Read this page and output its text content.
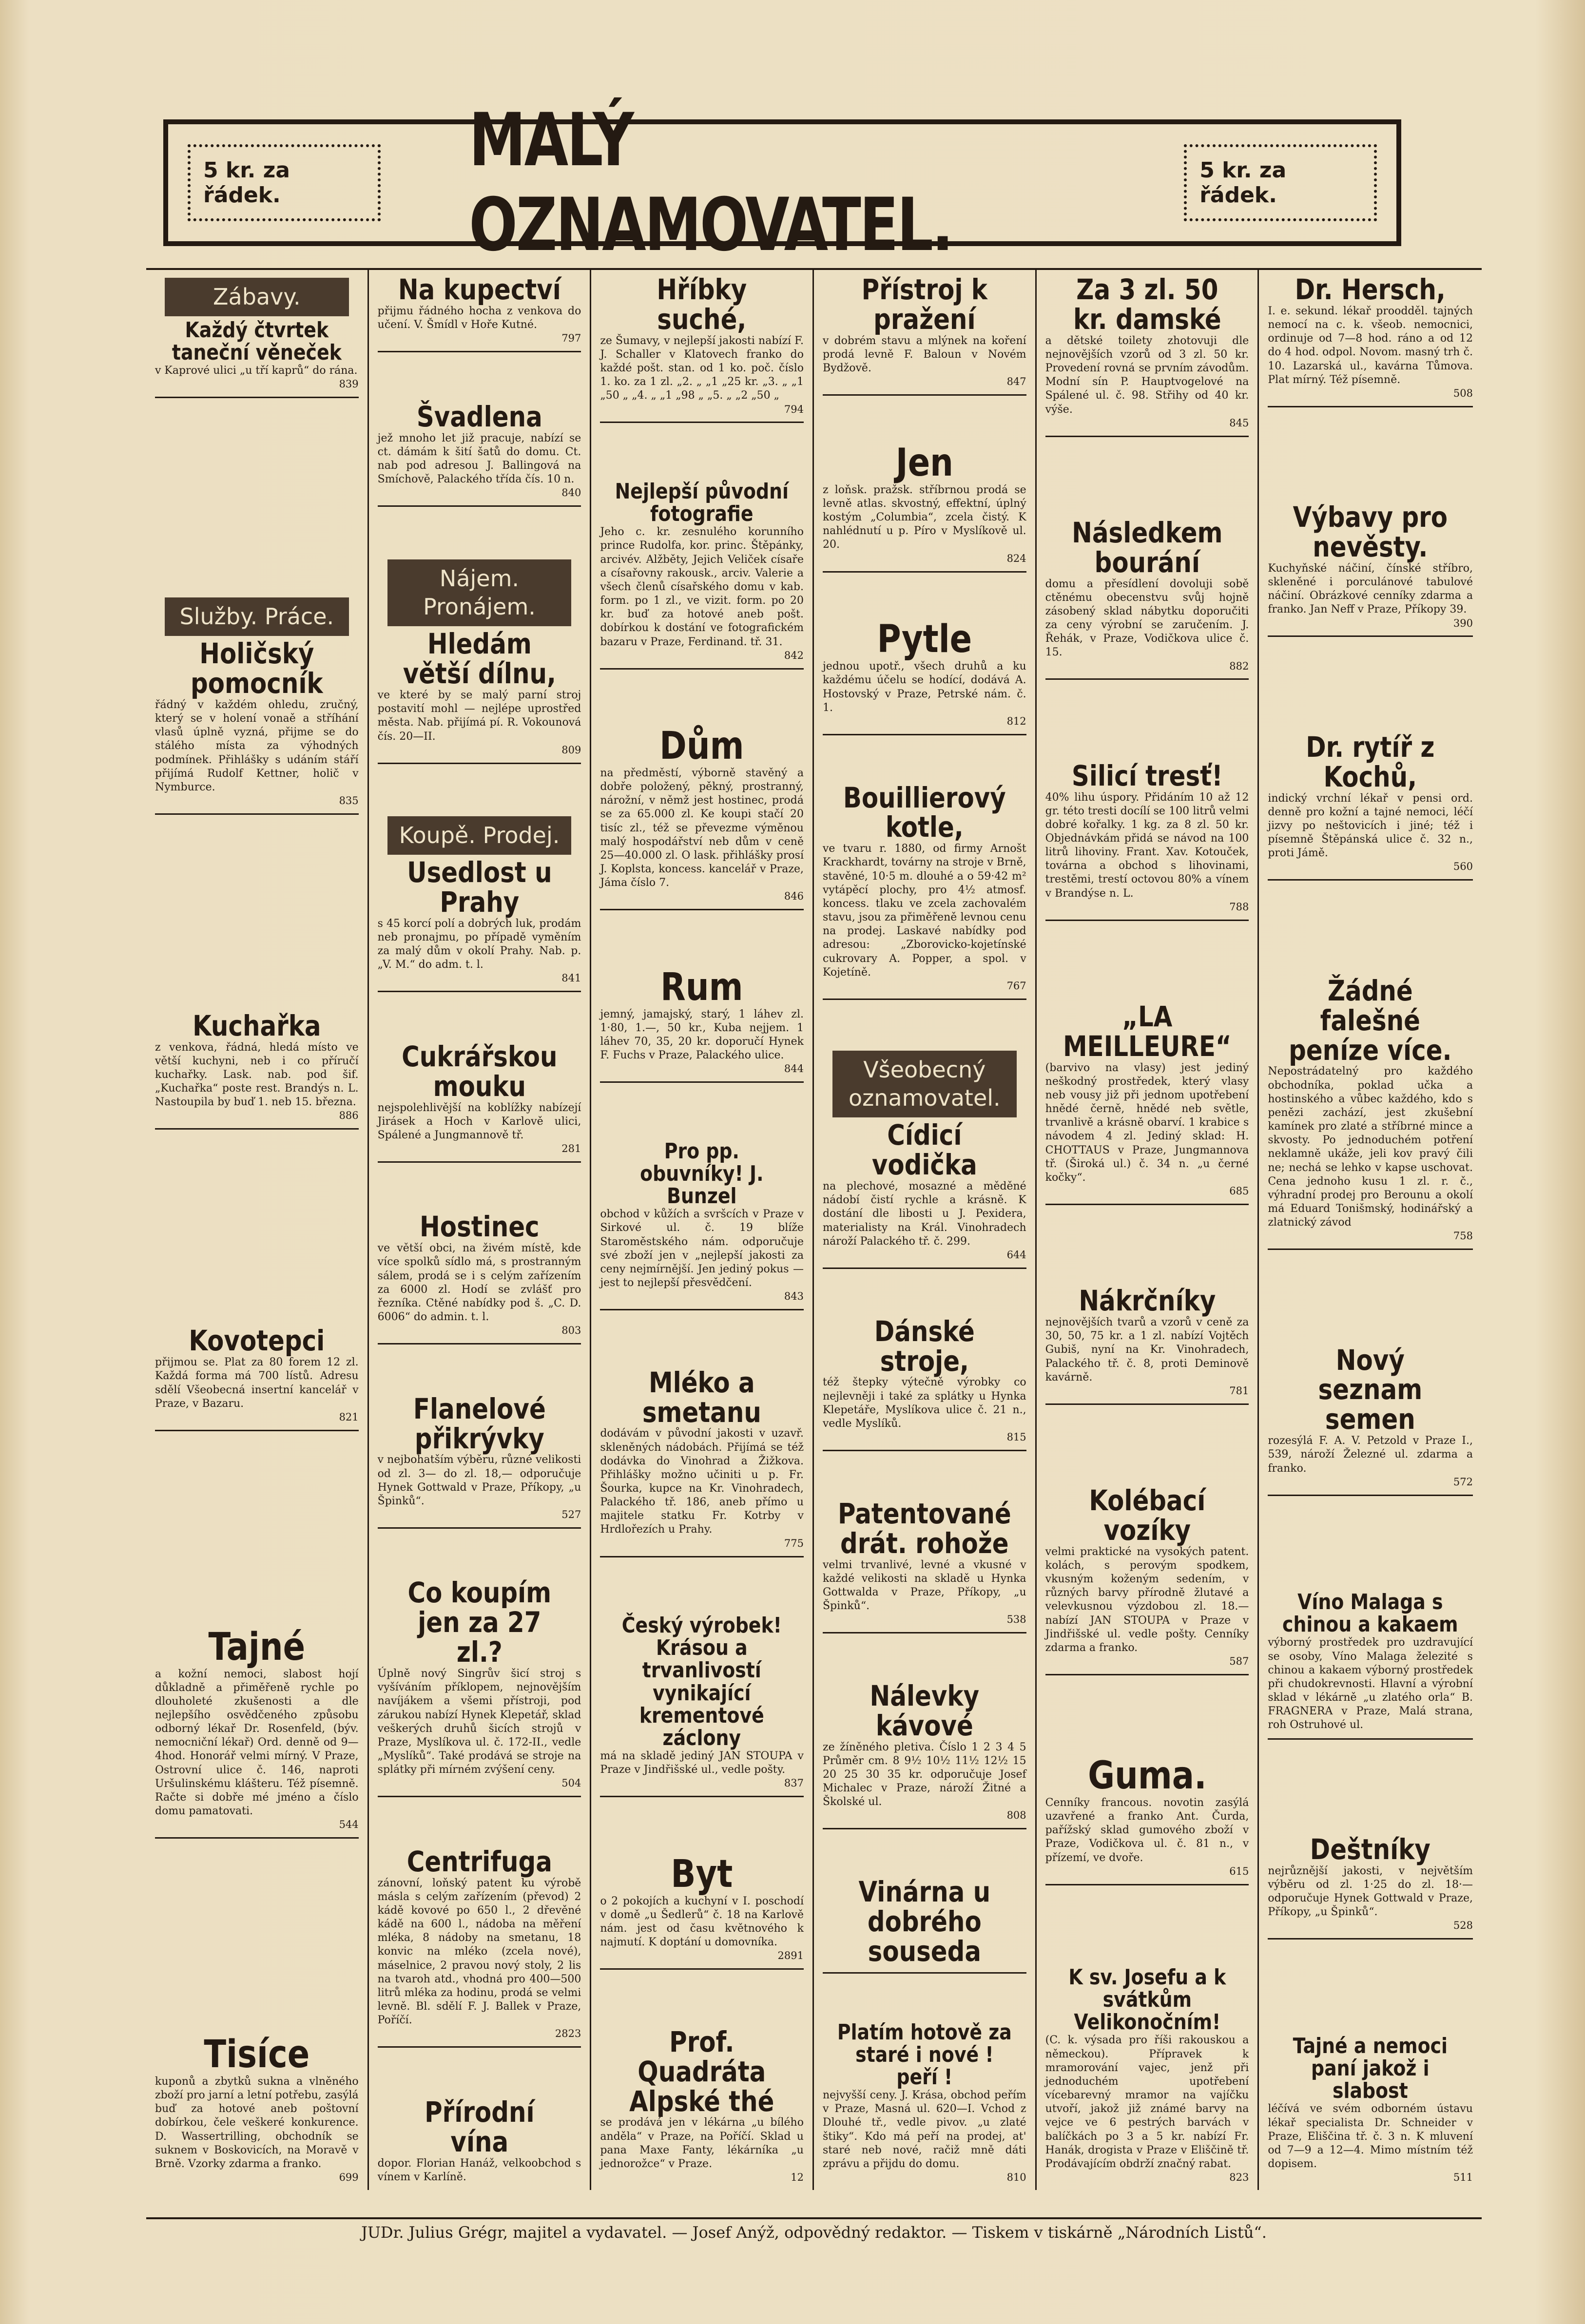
5 kr. za řádek.
MALÝ OZNAMOVATEL.
5 kr. za řádek.
Zábavy.
Každý čtvrtek taneční věneček
v Kaprové ulici „u tří kaprů“ do rána.
839
Služby. Práce.
Holičský pomocník
řádný v každém ohledu, zručný, který se v holení vonaě a stříhání vlasů úplně vyzná, přijme se do stálého místa za výhodných podmínek. Přihlášky s udáním stáří přijímá Rudolf Kettner, holič v Nymburce.
835
Kuchařka
z venkova, řádná, hledá místo ve větší kuchyni, neb i co příručí kuchařky. Lask. nab. pod šif. „Kuchařka“ poste rest. Brandýs n. L. Nastoupila by buď 1. neb 15. března.
886
Kovotepci
přijmou se. Plat za 80 forem 12 zl. Každá forma má 700 lístů. Adresu sdělí Všeobecná insertní kancelář v Praze, v Bazaru.
821
Tajné
a kožní nemoci, slabost hojí důkladně a přiměřeně rychle po dlouholeté zkušenosti a dle nejlepšího osvědčeného způsobu odborný lékař Dr. Rosenfeld, (býv. nemocniční lékař) Ord. denně od 9—4hod. Honorář velmi mírný. V Praze, Ostrovní ulice č. 146, naproti Uršulinskému klášteru. Též písemně. Račte si dobře mé jméno a číslo domu pamatovati.
544
Tisíce
kuponů a zbytků sukna a vlněného zboží pro jarní a letní potřebu, zasýlá buď za hotové aneb poštovní dobírkou, čele veškeré konkurence. D. Wassertrilling, obchodník se suknem v Boskovicích, na Moravě v Brně. Vzorky zdarma a franko.
699
Na kupectví
přijmu řádného hocha z venkova do učení. V. Šmídl v Hoře Kutné.
797
Švadlena
jež mnoho let již pracuje, nabízí se ct. dámám k šití šatů do domu. Ct. nab pod adresou J. Ballingová na Smíchově, Palackého třída čís. 10 n.
840
Nájem. Pronájem.
Hledám větší dílnu,
ve které by se malý parní stroj postavití mohl — nejlépe uprostřed města. Nab. přijímá pí. R. Vokounová čís. 20—II.
809
Koupě. Prodej.
Usedlost u Prahy
s 45 korcí polí a dobrých luk, prodám neb pronajmu, po případě vyměním za malý dům v okolí Prahy. Nab. p. „V. M.“ do adm. t. l.
841
Cukrářskou mouku
nejspolehlivější na koblížky nabízejí Jirásek a Hoch v Karlově ulici, Spálené a Jungmannově tř.
281
Hostinec
ve větší obci, na živém místě, kde více spolků sídlo má, s prostranným sálem, prodá se i s celým zařízením za 6000 zl. Hodí se zvlášť pro řezníka. Ctěné nabídky pod š. „C. D. 6006“ do admin. t. l.
803
Flanelové přikrývky
v nejbohatším výběru, různé velikosti od zl. 3— do zl. 18,— odporučuje Hynek Gottwald v Praze, Příkopy, „u Špinků“.
527
Co koupím jen za 27 zl.?
Úplně nový Singrův šicí stroj s vyšíváním příklopem, nejnovějším navíjákem a všemi přístroji, pod zárukou nabízí Hynek Klepetář, sklad veškerých druhů šicích strojů v Praze, Myslíkova ul. č. 172-II., vedle „Myslíků“. Také prodává se stroje na splátky při mírném zvýšení ceny.
504
Centrifuga
zánovní, loňský patent ku výrobě másla s celým zařízením (převod) 2 kádě kovové po 650 l., 2 dřevěné kádě na 600 l., nádoba na měření mléka, 8 nádoby na smetanu, 18 konvic na mléko (zcela nové), máselnice, 2 pravou nový stoly, 2 lis na tvaroh atd., vhodná pro 400—500 litrů mléka za hodinu, prodá se velmi levně. Bl. sdělí F. J. Ballek v Praze, Poříčí.
2823
Přírodní vína
dopor. Florian Hanáž, velkoobchod s vínem v Karlíně.
Hříbky suché,
ze Šumavy, v nejlepší jakosti nabízí F. J. Schaller v Klatovech franko do každé pošt. stan. od 1 ko. poč. číslo 1. ko. za 1 zl. „2. „ „1 „25 kr. „3. „ „1 „50 „ „4. „ „1 „98 „ „5. „ „2 „50 „
794
Nejlepší původní fotografie
Jeho c. kr. zesnulého korunního prince Rudolfa, kor. princ. Štěpánky, arcivév. Alžběty, Jejich Veliček císaře a císařovny rakousk., arciv. Valerie a všech členů císařského domu v kab. form. po 1 zl., ve vizit. form. po 20 kr. buď za hotové aneb pošt. dobírkou k dostání ve fotografickém bazaru v Praze, Ferdinand. tř. 31.
842
Dům
na předměstí, výborně stavěný a dobře položený, pěkný, prostranný, nárožní, v němž jest hostinec, prodá se za 65.000 zl. Ke koupi stačí 20 tisíc zl., též se převezme výměnou malý hospodářství neb dům v ceně 25—40.000 zl. O lask. přihlášky prosí J. Koplsta, koncess. kancelář v Praze, Jáma číslo 7.
846
Rum
jemný, jamajský, starý, 1 láhev zl. 1·80, 1.—, 50 kr., Kuba nejjem. 1 láhev 70, 35, 20 kr. doporučí Hynek F. Fuchs v Praze, Palackého ulice.
844
Pro pp. obuvníky! J. Bunzel
obchod v kůžích a svršcích v Praze v Sirkové ul. č. 19 blíže Staroměstského nám. odporučuje své zboží jen v „nejlepší jakosti za ceny nejmírnější. Jen jediný pokus — jest to nejlepší přesvědčení.
843
Mléko a smetanu
dodávám v původní jakosti v uzavř. skleněných nádobách. Přijímá se též dodávka do Vinohrad a Žižkova. Přihlášky možno učiniti u p. Fr. Šourka, kupce na Kr. Vinohradech, Palackého tř. 186, aneb přímo u majitele statku Fr. Kotrby v Hrdlořezích u Prahy.
775
Český výrobek! Krásou a trvanlivostí vynikající krementové záclony
má na skladě jediný JAN STOUPA v Praze v Jindřišské ul., vedle pošty.
837
Byt
o 2 pokojích a kuchyní v I. poschodí v domě „u Šedlerů“ č. 18 na Karlově nám. jest od času květnového k najmutí. K doptání u domovníka.
2891
Prof. Quadráta Alpské thé
se prodává jen v lékárna „u bílého anděla“ v Praze, na Poříčí. Sklad u pana Maxe Fanty, lékárníka „u jednorožce“ v Praze.
12
Přístroj k pražení
v dobrém stavu a mlýnek na koření prodá levně F. Baloun v Novém Bydžově.
847
Jen
z loňsk. pražsk. stříbrnou prodá se levně atlas. skvostný, effektní, úplný kostým „Columbia“, zcela čistý. K nahlédnutí u p. Píro v Myslíkově ul. 20.
824
Pytle
jednou upotř., všech druhů a ku každému účelu se hodící, dodává A. Hostovský v Praze, Petrské nám. č. 1.
812
Bouillierový kotle,
ve tvaru r. 1880, od firmy Arnošt Krackhardt, továrny na stroje v Brně, stavěné, 10·5 m. dlouhé a o 59·42 m² vytápěcí plochy, pro 4½ atmosf. koncess. tlaku ve zcela zachovalém stavu, jsou za přiměřeně levnou cenu na prodej. Laskavé nabídky pod adresou: „Zborovicko-kojetínské cukrovary A. Popper, a spol. v Kojetíně.
767
Všeobecný oznamovatel.
Cídicí vodička
na plechové, mosazné a měděné nádobí čistí rychle a krásně. K dostání dle libosti u J. Pexidera, materialisty na Král. Vinohradech nároží Palackého tř. č. 299.
644
Dánské stroje,
též štepky výtečně výrobky co nejlevněji i také za splátky u Hynka Klepetáře, Myslíkova ulice č. 21 n., vedle Myslíků.
815
Patentované drát. rohože
velmi trvanlivé, levné a vkusné v každé velikosti na skladě u Hynka Gottwalda v Praze, Příkopy, „u Špinků“.
538
Nálevky kávové
ze žíněného pletiva. Číslo 1 2 3 4 5 Průměr cm. 8 9½ 10½ 11½ 12½ 15 20 25 30 35 kr. odporučuje Josef Michalec v Praze, nároží Žitné a Školské ul.
808
Vinárna u dobrého souseda
Platím hotově za staré i nové ! peří !
nejvyšší ceny. J. Krása, obchod peřím v Praze, Masná ul. 620—I. Vchod z Dlouhé tř., vedle pivov. „u zlaté štiky“. Kdo má peří na prodej, at' staré neb nové, račiž mně dáti zprávu a přijdu do domu.
810
Za 3 zl. 50 kr. damské
a dětské toilety zhotovuji dle nejnovějších vzorů od 3 zl. 50 kr. Provedení rovná se prvním závodům. Modní sín P. Hauptvogelové na Spálené ul. č. 98. Střihy od 40 kr. výše.
845
Následkem bourání
domu a přesídlení dovoluji sobě ctěnému obecenstvu svůj hojně zásobený sklad nábytku doporučiti za ceny výrobní se zaručením. J. Řehák, v Praze, Vodičkova ulice č. 15.
882
Silicí tresť!
40% lihu úspory. Přidáním 10 až 12 gr. této tresti docílí se 100 litrů velmi dobré kořalky. 1 kg. za 8 zl. 50 kr. Objednávkám přidá se návod na 100 litrů lihoviny. Frant. Xav. Kotouček, továrna a obchod s lihovinami, trestěmi, trestí octovou 80% a vínem v Brandýse n. L.
788
„LA MEILLEURE“
(barvivo na vlasy) jest jediný neškodný prostředek, který vlasy neb vousy již při jednom upotřebení hnědé černě, hnědé neb světle, trvanlivě a krásně obarví. 1 krabice s návodem 4 zl. Jediný sklad: H. CHOTTAUS v Praze, Jungmannova tř. (Široká ul.) č. 34 n. „u černé kočky“.
685
Nákrčníky
nejnovějších tvarů a vzorů v ceně za 30, 50, 75 kr. a 1 zl. nabízí Vojtěch Gubiš, nyní na Kr. Vinohradech, Palackého tř. č. 8, proti Deminově kavárně.
781
Kolébací vozíky
velmi praktické na vysokých patent. kolách, s perovým spodkem, vkusným koženým sedením, v různých barvy přírodně žlutavé a velevkusnou výzdobou zl. 18.— nabízí JAN STOUPA v Praze v Jindřišské ul. vedle pošty. Cenníky zdarma a franko.
587
Guma.
Cenníky francous. novotin zasýlá uzavřené a franko Ant. Čurda, pařížský sklad gumového zboží v Praze, Vodičkova ul. č. 81 n., v přízemí, ve dvoře.
615
K sv. Josefu a k svátkům Velikonočním!
(C. k. výsada pro říši rakouskou a německou). Přípravek k mramorování vajec, jenž při jednoduchém upotřebení vícebarevný mramor na vajíčku utvoří, jakož již známé barvy na vejce ve 6 pestrých barvách v balíčkách po 3 a 5 kr. nabízí Fr. Hanák, drogista v Praze v Eliščině tř. Prodávajícím obdrží značný rabat.
823
Dr. Hersch,
I. e. sekund. lékař proodděl. tajných nemocí na c. k. všeob. nemocnici, ordinuje od 7—8 hod. ráno a od 12 do 4 hod. odpol. Novom. masný trh č. 10. Lazarská ul., kavárna Tůmova. Plat mírný. Též písemně.
508
Výbavy pro nevěsty.
Kuchyňské náčiní, čínské stříbro, skleněné i porculánové tabulové náčiní. Obrázkové cenníky zdarma a franko. Jan Neff v Praze, Příkopy 39.
390
Dr. rytíř z Kochů,
indický vrchní lékař v pensi ord. denně pro kožní a tajné nemoci, léčí jizvy po neštovicích i jiné; též i písemně Štěpánská ulice č. 32 n., proti Jámě.
560
Žádné falešné peníze více.
Nepostrádatelný pro každého obchodníka, poklad učka a hostinského a vůbec každého, kdo s penězi zachází, jest zkušební kamínek pro zlaté a stříbrné mince a skvosty. Po jednoduchém potření neklamně ukáže, jeli kov pravý čili ne; nechá se lehko v kapse uschovat. Cena jednoho kusu 1 zl. r. č., výhradní prodej pro Berounu a okolí má Eduard Tonišmský, hodinářský a zlatnický závod
758
Nový seznam semen
rozesýlá F. A. V. Petzold v Praze I., 539, nároží Železné ul. zdarma a franko.
572
Víno Malaga s chinou a kakaem
výborný prostředek pro uzdravující se osoby, Víno Malaga železité s chinou a kakaem výborný prostředek při chudokrevnosti. Hlavní a výrobní sklad v lékárně „u zlatého orla“ B. FRAGNERA v Praze, Malá strana, roh Ostruhové ul.
Deštníky
nejrůznější jakosti, v největším výběru od zl. 1·25 do zl. 18·— odporučuje Hynek Gottwald v Praze, Příkopy, „u Špinků“.
528
Tajné a nemoci paní jakož i slabost
léčívá ve svém odborném ústavu lékař specialista Dr. Schneider v Praze, Eliščina tř. č. 3 n. K mluvení od 7—9 a 12—4. Mimo místním též dopisem.
511
JUDr. Julius Grégr, majitel a vydavatel. — Josef Anýž, odpovědný redaktor. — Tiskem v tiskárně „Národních Listů“.
